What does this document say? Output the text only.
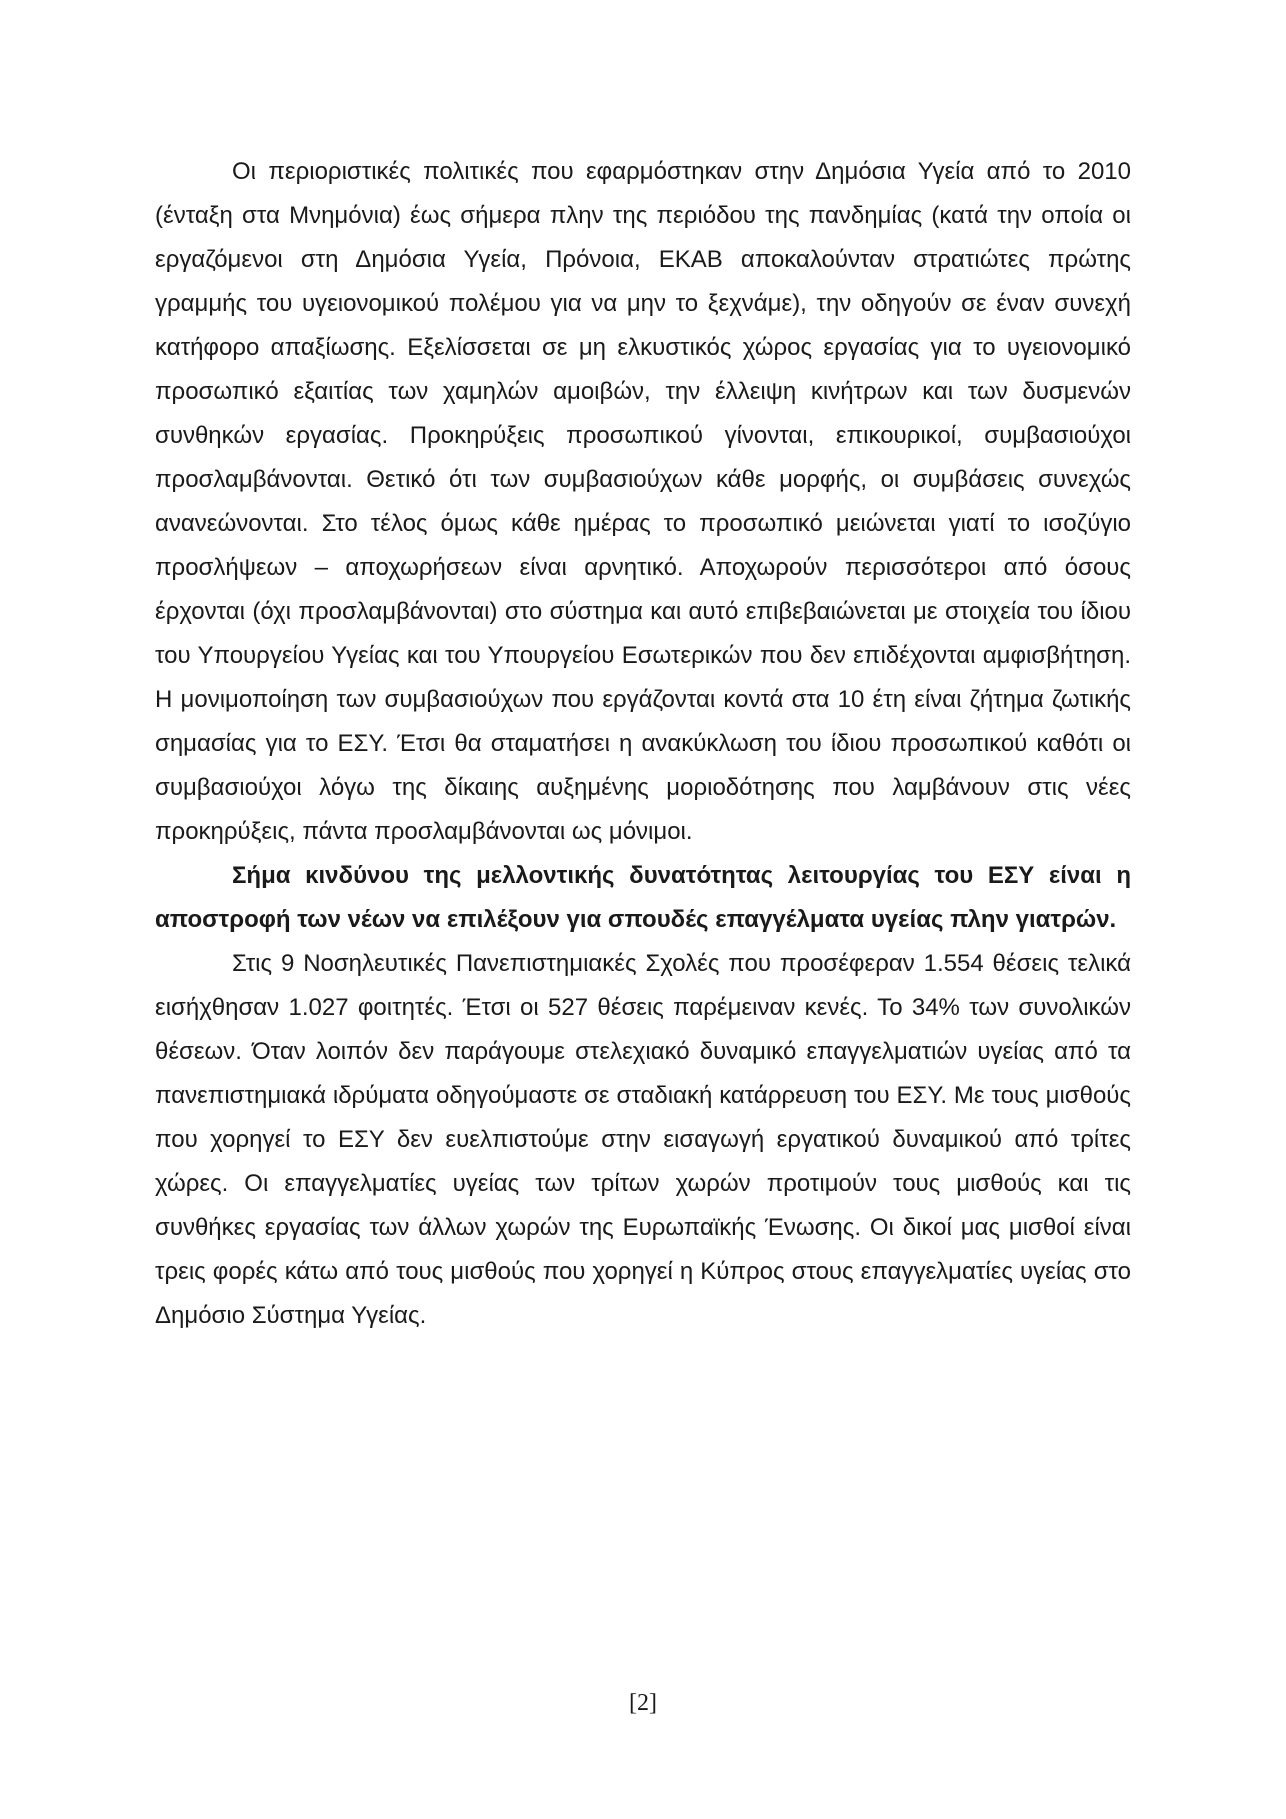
Οι περιοριστικές πολιτικές που εφαρμόστηκαν στην Δημόσια Υγεία από το 2010 (ένταξη στα Μνημόνια) έως σήμερα πλην της περιόδου της πανδημίας (κατά την οποία οι εργαζόμενοι στη Δημόσια Υγεία, Πρόνοια, ΕΚΑΒ αποκαλούνταν στρατιώτες πρώτης γραμμής του υγειονομικού πολέμου για να μην το ξεχνάμε), την οδηγούν σε έναν συνεχή κατήφορο απαξίωσης. Εξελίσσεται σε μη ελκυστικός χώρος εργασίας για το υγειονομικό προσωπικό εξαιτίας των χαμηλών αμοιβών, την έλλειψη κινήτρων και των δυσμενών συνθηκών εργασίας. Προκηρύξεις προσωπικού γίνονται, επικουρικοί, συμβασιούχοι προσλαμβάνονται. Θετικό ότι των συμβασιούχων κάθε μορφής, οι συμβάσεις συνεχώς ανανεώνονται. Στο τέλος όμως κάθε ημέρας το προσωπικό μειώνεται γιατί το ισοζύγιο προσλήψεων – αποχωρήσεων είναι αρνητικό. Αποχωρούν περισσότεροι από όσους έρχονται (όχι προσλαμβάνονται) στο σύστημα και αυτό επιβεβαιώνεται με στοιχεία του ίδιου του Υπουργείου Υγείας και του Υπουργείου Εσωτερικών που δεν επιδέχονται αμφισβήτηση. Η μονιμοποίηση των συμβασιούχων που εργάζονται κοντά στα 10 έτη είναι ζήτημα ζωτικής σημασίας για το ΕΣΥ. Έτσι θα σταματήσει η ανακύκλωση του ίδιου προσωπικού καθότι οι συμβασιούχοι λόγω της δίκαιης αυξημένης μοριοδότησης που λαμβάνουν στις νέες προκηρύξεις, πάντα προσλαμβάνονται ως μόνιμοι.

Σήμα κινδύνου της μελλοντικής δυνατότητας λειτουργίας του ΕΣΥ είναι η αποστροφή των νέων να επιλέξουν για σπουδές επαγγέλματα υγείας πλην γιατρών.

Στις 9 Νοσηλευτικές Πανεπιστημιακές Σχολές που προσέφεραν 1.554 θέσεις τελικά εισήχθησαν 1.027 φοιτητές. Έτσι οι 527 θέσεις παρέμειναν κενές. Το 34% των συνολικών θέσεων. Όταν λοιπόν δεν παράγουμε στελεχιακό δυναμικό επαγγελματιών υγείας από τα πανεπιστημιακά ιδρύματα οδηγούμαστε σε σταδιακή κατάρρευση του ΕΣΥ. Με τους μισθούς που χορηγεί το ΕΣΥ δεν ευελπιστούμε στην εισαγωγή εργατικού δυναμικού από τρίτες χώρες. Οι επαγγελματίες υγείας των τρίτων χωρών προτιμούν τους μισθούς και τις συνθήκες εργασίας των άλλων χωρών της Ευρωπαϊκής Ένωσης. Οι δικοί μας μισθοί είναι τρεις φορές κάτω από τους μισθούς που χορηγεί η Κύπρος στους επαγγελματίες υγείας στο Δημόσιο Σύστημα Υγείας.

[2]
